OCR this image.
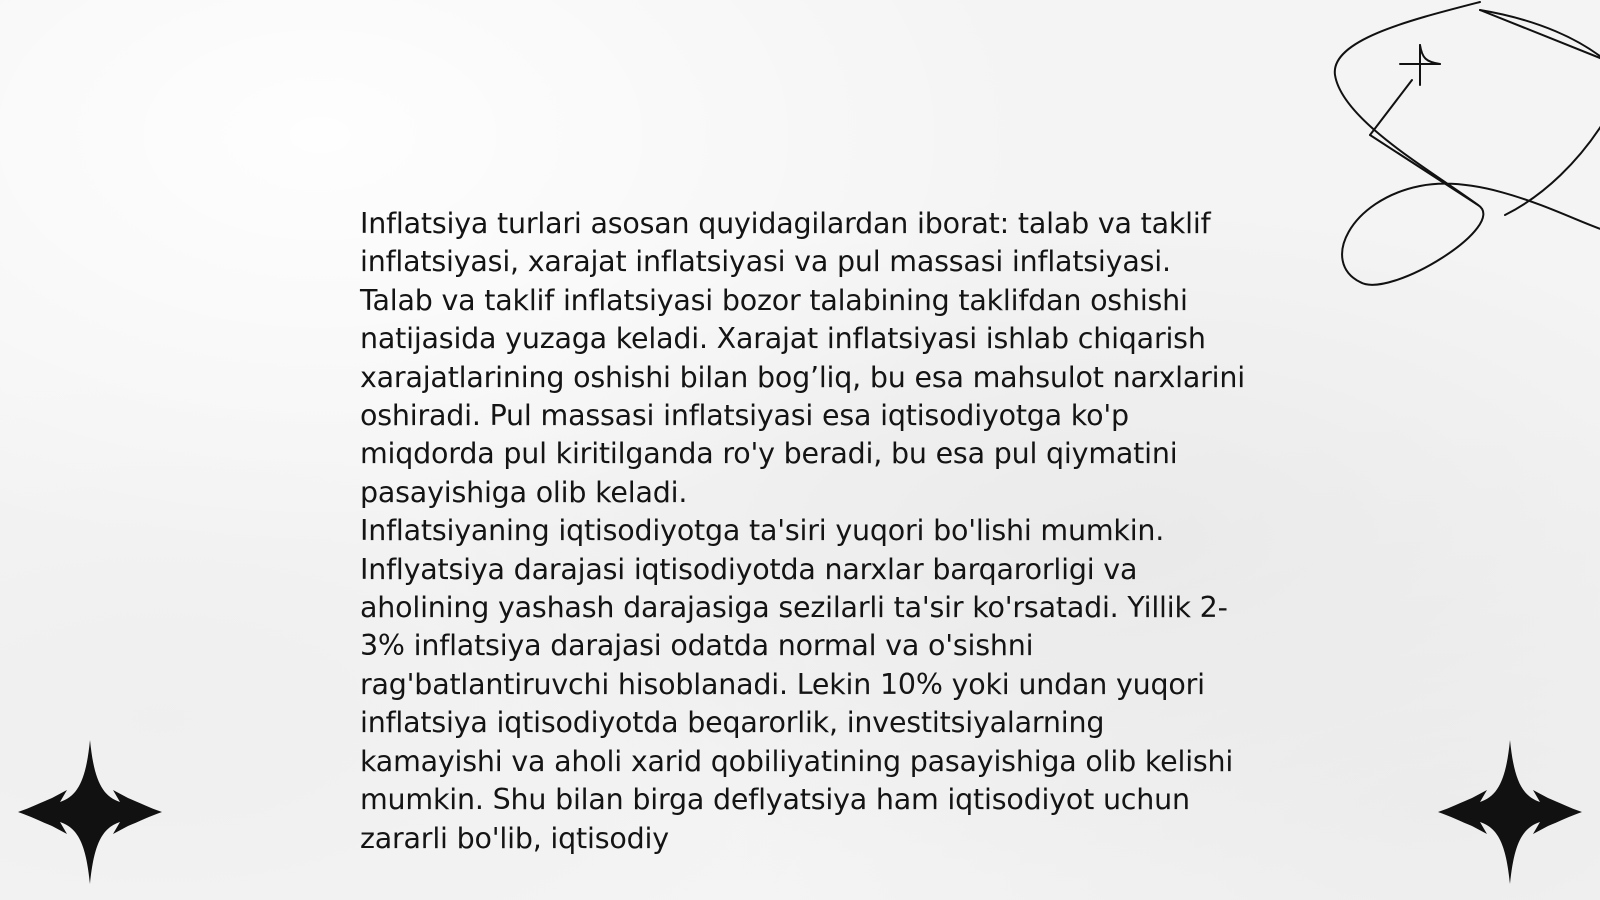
Inflatsiya turlari asosan quyidagilardan iborat: talab va taklif inflatsiyasi, xarajat inflatsiyasi va pul massasi inflatsiyasi. Talab va taklif inflatsiyasi bozor talabining taklifdan oshishi natijasida yuzaga keladi. Xarajat inflatsiyasi ishlab chiqarish xarajatlarining oshishi bilan bog’liq, bu esa mahsulot narxlarini oshiradi. Pul massasi inflatsiyasi esa iqtisodiyotga ko'p miqdorda pul kiritilganda ro'y beradi, bu esa pul qiymatini pasayishiga olib keladi.

Inflatsiyaning iqtisodiyotga ta'siri yuqori bo'lishi mumkin. Inflyatsiya darajasi iqtisodiyotda narxlar barqarorligi va aholining yashash darajasiga sezilarli ta'sir ko'rsatadi. Yillik 2-3% inflatsiya darajasi odatda normal va o'sishni rag'batlantiruvchi hisoblanadi. Lekin 10% yoki undan yuqori inflatsiya iqtisodiyotda beqarorlik, investitsiyalarning kamayishi va aholi xarid qobiliyatining pasayishiga olib kelishi mumkin. Shu bilan birga deflyatsiya ham iqtisodiyot uchun zararli bo'lib, iqtisodiy
